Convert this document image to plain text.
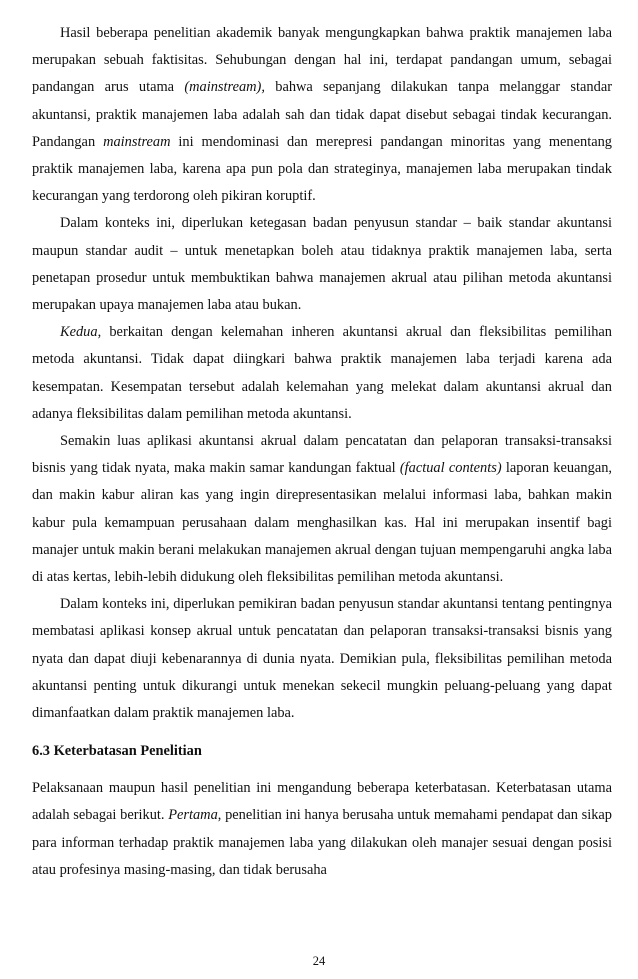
Hasil beberapa penelitian akademik banyak mengungkapkan bahwa praktik manajemen laba merupakan sebuah faktisitas. Sehubungan dengan hal ini, terdapat pandangan umum, sebagai pandangan arus utama (mainstream), bahwa sepanjang dilakukan tanpa melanggar standar akuntansi, praktik manajemen laba adalah sah dan tidak dapat disebut sebagai tindak kecurangan. Pandangan mainstream ini mendominasi dan merepresi pandangan minoritas yang menentang praktik manajemen laba, karena apa pun pola dan strateginya, manajemen laba merupakan tindak kecurangan yang terdorong oleh pikiran koruptif.

Dalam konteks ini, diperlukan ketegasan badan penyusun standar – baik standar akuntansi maupun standar audit – untuk menetapkan boleh atau tidaknya praktik manajemen laba, serta penetapan prosedur untuk membuktikan bahwa manajemen akrual atau pilihan metoda akuntansi merupakan upaya manajemen laba atau bukan.

Kedua, berkaitan dengan kelemahan inheren akuntansi akrual dan fleksibilitas pemilihan metoda akuntansi. Tidak dapat diingkari bahwa praktik manajemen laba terjadi karena ada kesempatan. Kesempatan tersebut adalah kelemahan yang melekat dalam akuntansi akrual dan adanya fleksibilitas dalam pemilihan metoda akuntansi.

Semakin luas aplikasi akuntansi akrual dalam pencatatan dan pelaporan transaksi-transaksi bisnis yang tidak nyata, maka makin samar kandungan faktual (factual contents) laporan keuangan, dan makin kabur aliran kas yang ingin direpresentasikan melalui informasi laba, bahkan makin kabur pula kemampuan perusahaan dalam menghasilkan kas. Hal ini merupakan insentif bagi manajer untuk makin berani melakukan manajemen akrual dengan tujuan mempengaruhi angka laba di atas kertas, lebih-lebih didukung oleh fleksibilitas pemilihan metoda akuntansi.

Dalam konteks ini, diperlukan pemikiran badan penyusun standar akuntansi tentang pentingnya membatasi aplikasi konsep akrual untuk pencatatan dan pelaporan transaksi-transaksi bisnis yang nyata dan dapat diuji kebenarannya di dunia nyata. Demikian pula, fleksibilitas pemilihan metoda akuntansi penting untuk dikurangi untuk menekan sekecil mungkin peluang-peluang yang dapat dimanfaatkan dalam praktik manajemen laba.

6.3 Keterbatasan Penelitian

Pelaksanaan maupun hasil penelitian ini mengandung beberapa keterbatasan. Keterbatasan utama adalah sebagai berikut. Pertama, penelitian ini hanya berusaha untuk memahami pendapat dan sikap para informan terhadap praktik manajemen laba yang dilakukan oleh manajer sesuai dengan posisi atau profesinya masing-masing, dan tidak berusaha

24
